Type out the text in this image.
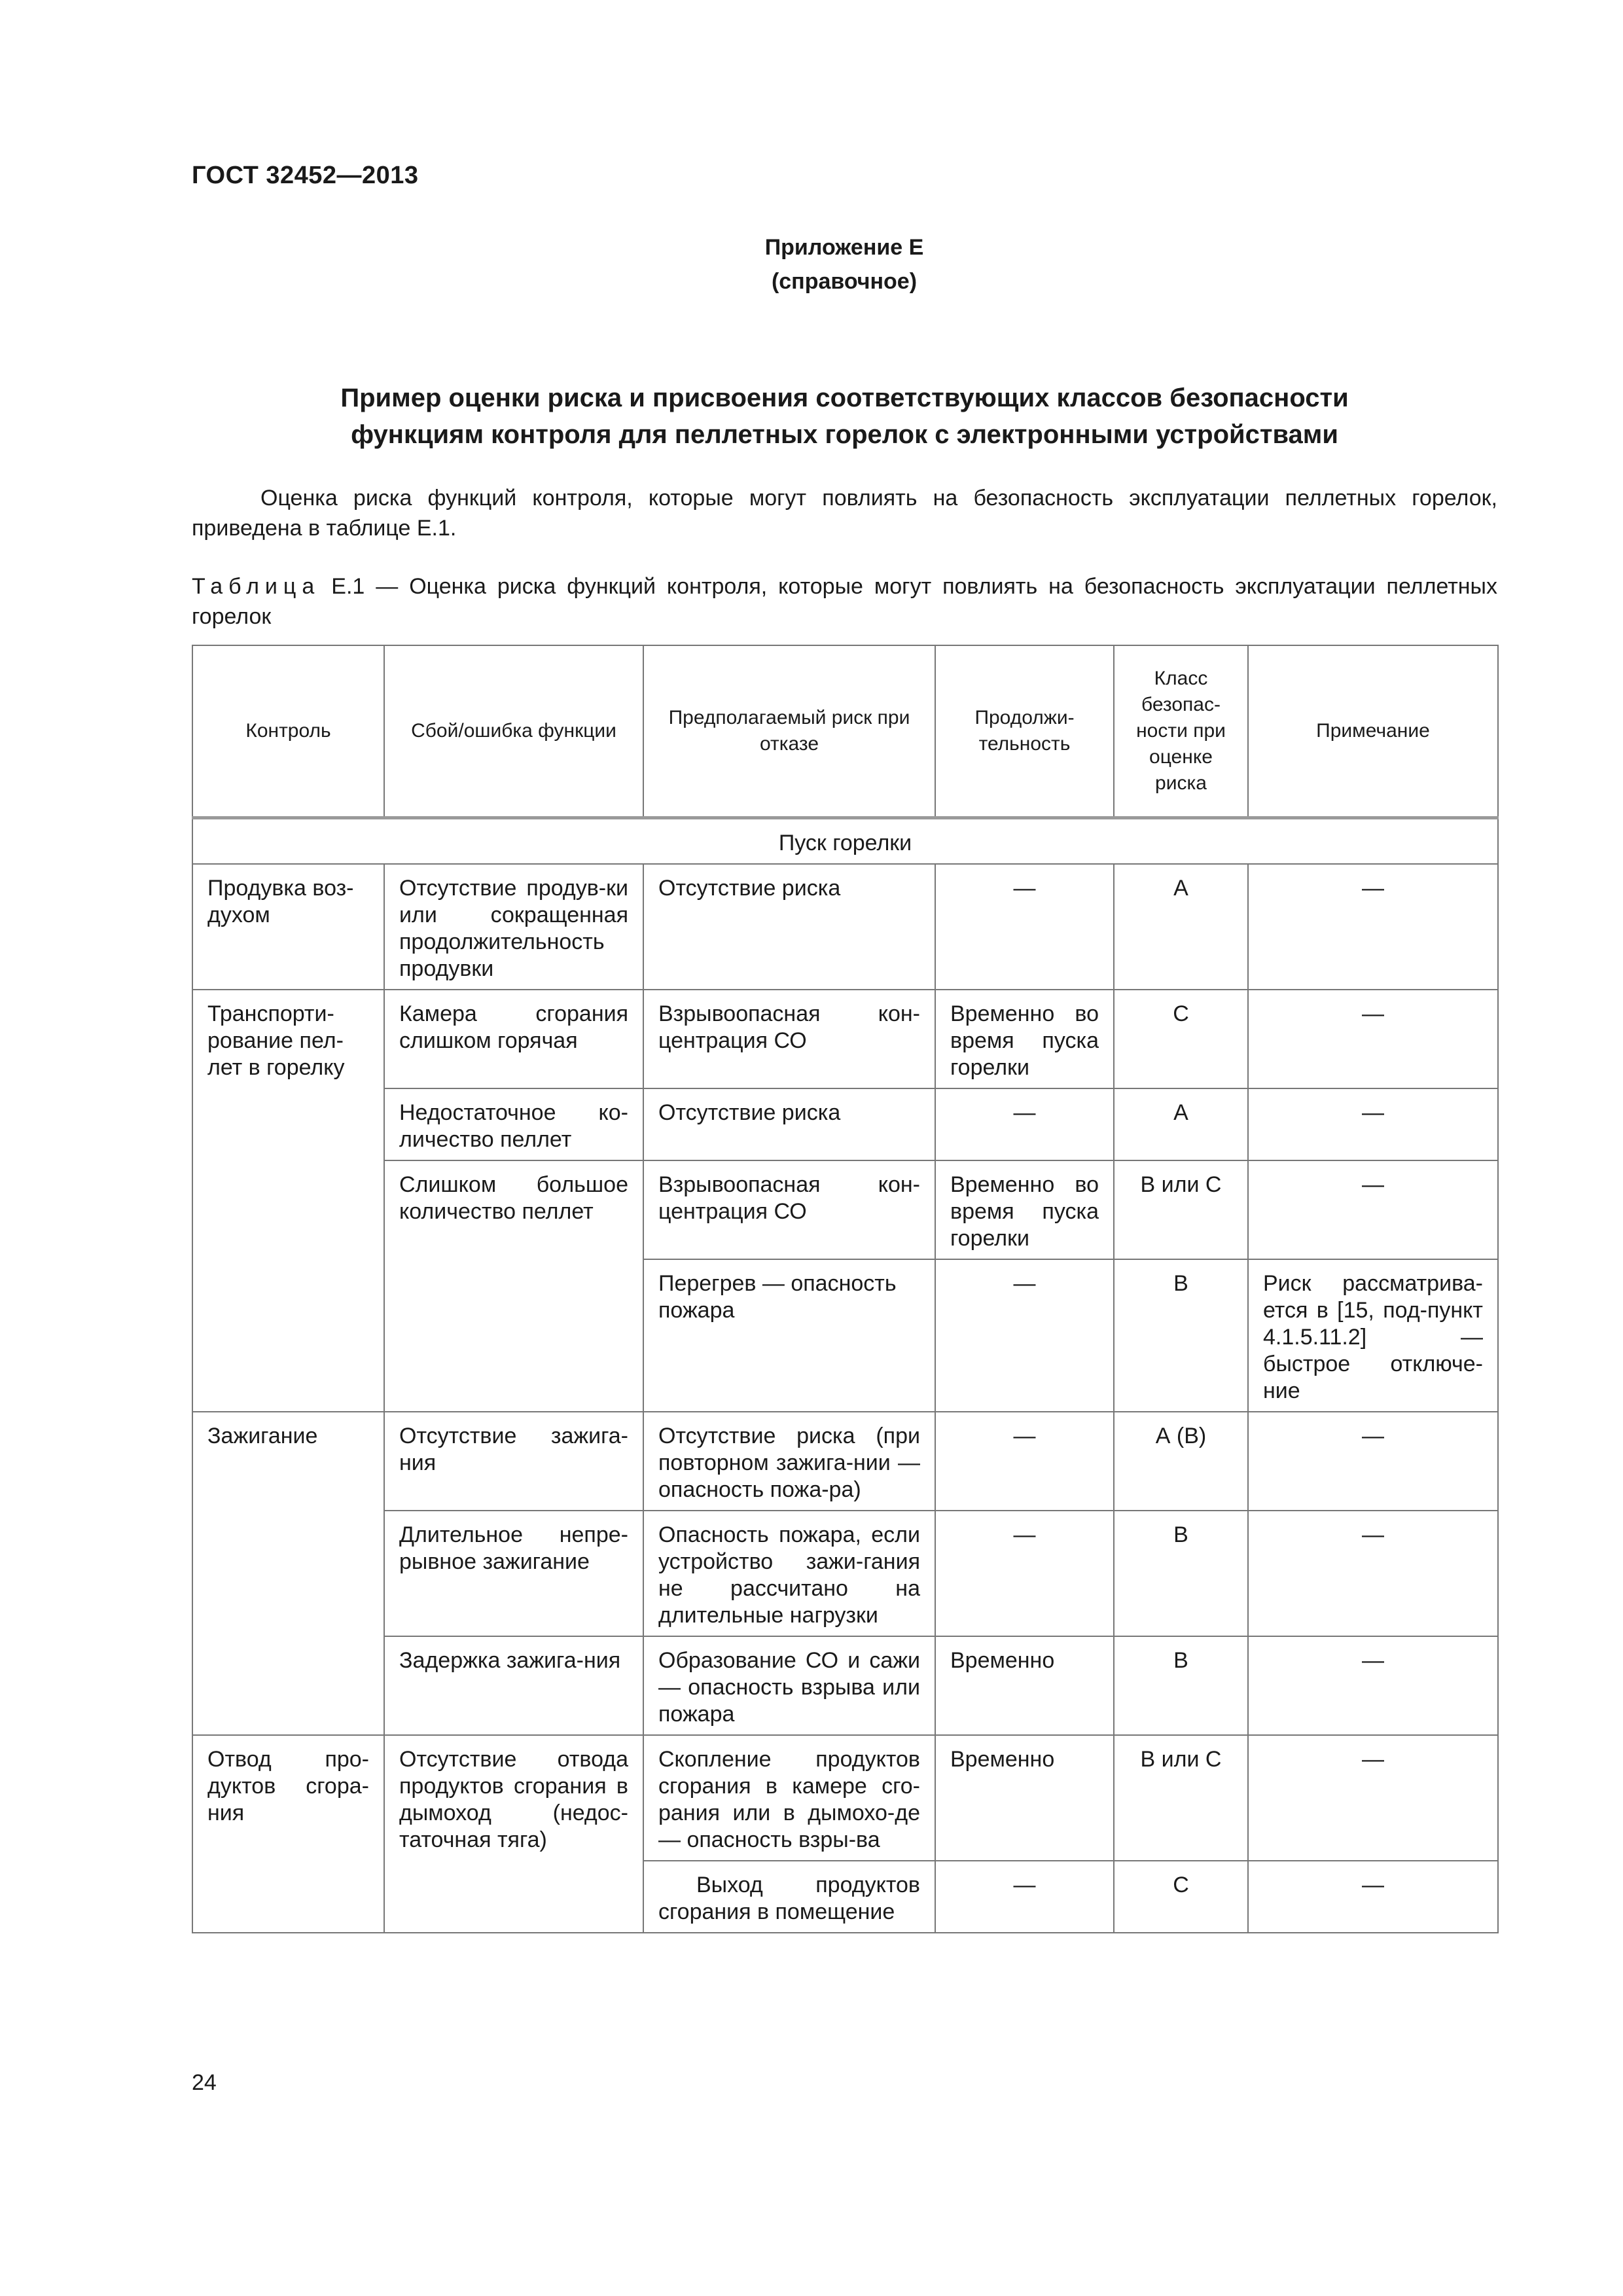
ГОСТ 32452—2013
Приложение Е
(справочное)
Пример оценки риска и присвоения соответствующих классов безопасности
функциям контроля для пеллетных горелок с электронными устройствами

Оценка риска функций контроля, которые могут повлиять на безопасность эксплуатации пеллетных горелок, приведена в таблице Е.1.

Таблица Е.1 — Оценка риска функций контроля, которые могут повлиять на безопасность эксплуатации пеллетных горелок

Контроль	Сбой/ошибка функции	Предполагаемый риск при отказе	Продолжи-тельность	Класс безопас-ности при оценке риска	Примечание
Пуск горелки					
Продувка воз-духом	Отсутствие продув-ки или сокращенная продолжительность продувки	Отсутствие риска	—	А	—
Транспорти-рование пел-лет в горелку	Камера сгорания слишком горячая	Взрывоопасная кон-центрация СО	Временно во время пуска горелки	С	—
	Недостаточное ко-личество пеллет	Отсутствие риска	—	А	—
	Слишком большое количество пеллет	Взрывоопасная кон-центрация СО	Временно во время пуска горелки	В или С	—
		Перегрев — опасность пожара	—	В	Риск рассматрива-ется в [15, под-пункт 4.1.5.11.2] — быстрое отключе-ние
Зажигание	Отсутствие зажига-ния	Отсутствие риска (при повторном зажига-нии — опасность пожа-ра)	—	А (В)	—
	Длительное непре-рывное зажигание	Опасность пожара, если устройство зажи-гания не рассчитано на длительные нагрузки	—	В	—
	Задержка зажига-ния	Образование СО и сажи — опасность взрыва или пожара	Временно	В	—
Отвод про-дуктов сгора-ния	Отсутствие отвода продуктов сгорания в дымоход (недос-таточная тяга)	Скопление продуктов сгорания в камере сго-рания или в дымохо-де — опасность взры-ва	Временно	В или С	—
		Выход продуктов сгорания в помещение	—	С	—
24
